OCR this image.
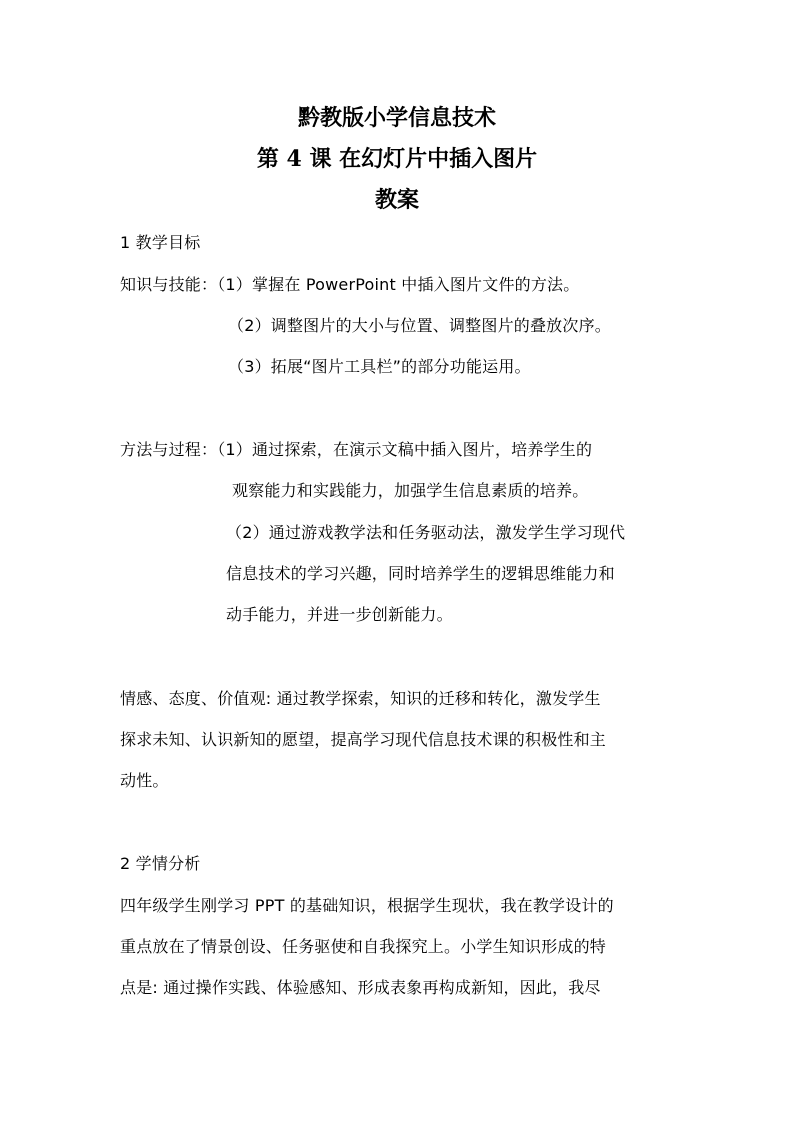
黔教版小学信息技术
第 4 课 在幻灯片中插入图片
教案
1 教学目标
知识与技能：（1）掌握在 PowerPoint 中插入图片文件的方法。
（2）调整图片的大小与位置、调整图片的叠放次序。
（3）拓展“图片工具栏”的部分功能运用。
方法与过程：（1）通过探索，在演示文稿中插入图片，培养学生的
观察能力和实践能力，加强学生信息素质的培养。
（2）通过游戏教学法和任务驱动法，激发学生学习现代
信息技术的学习兴趣，同时培养学生的逻辑思维能力和
动手能力，并进一步创新能力。
情感、态度、价值观: 通过教学探索，知识的迁移和转化，激发学生
探求未知、认识新知的愿望，提高学习现代信息技术课的积极性和主
动性。
2 学情分析
四年级学生刚学习 PPT 的基础知识，根据学生现状，我在教学设计的
重点放在了情景创设、任务驱使和自我探究上。小学生知识形成的特
点是: 通过操作实践、体验感知、形成表象再构成新知，因此，我尽
